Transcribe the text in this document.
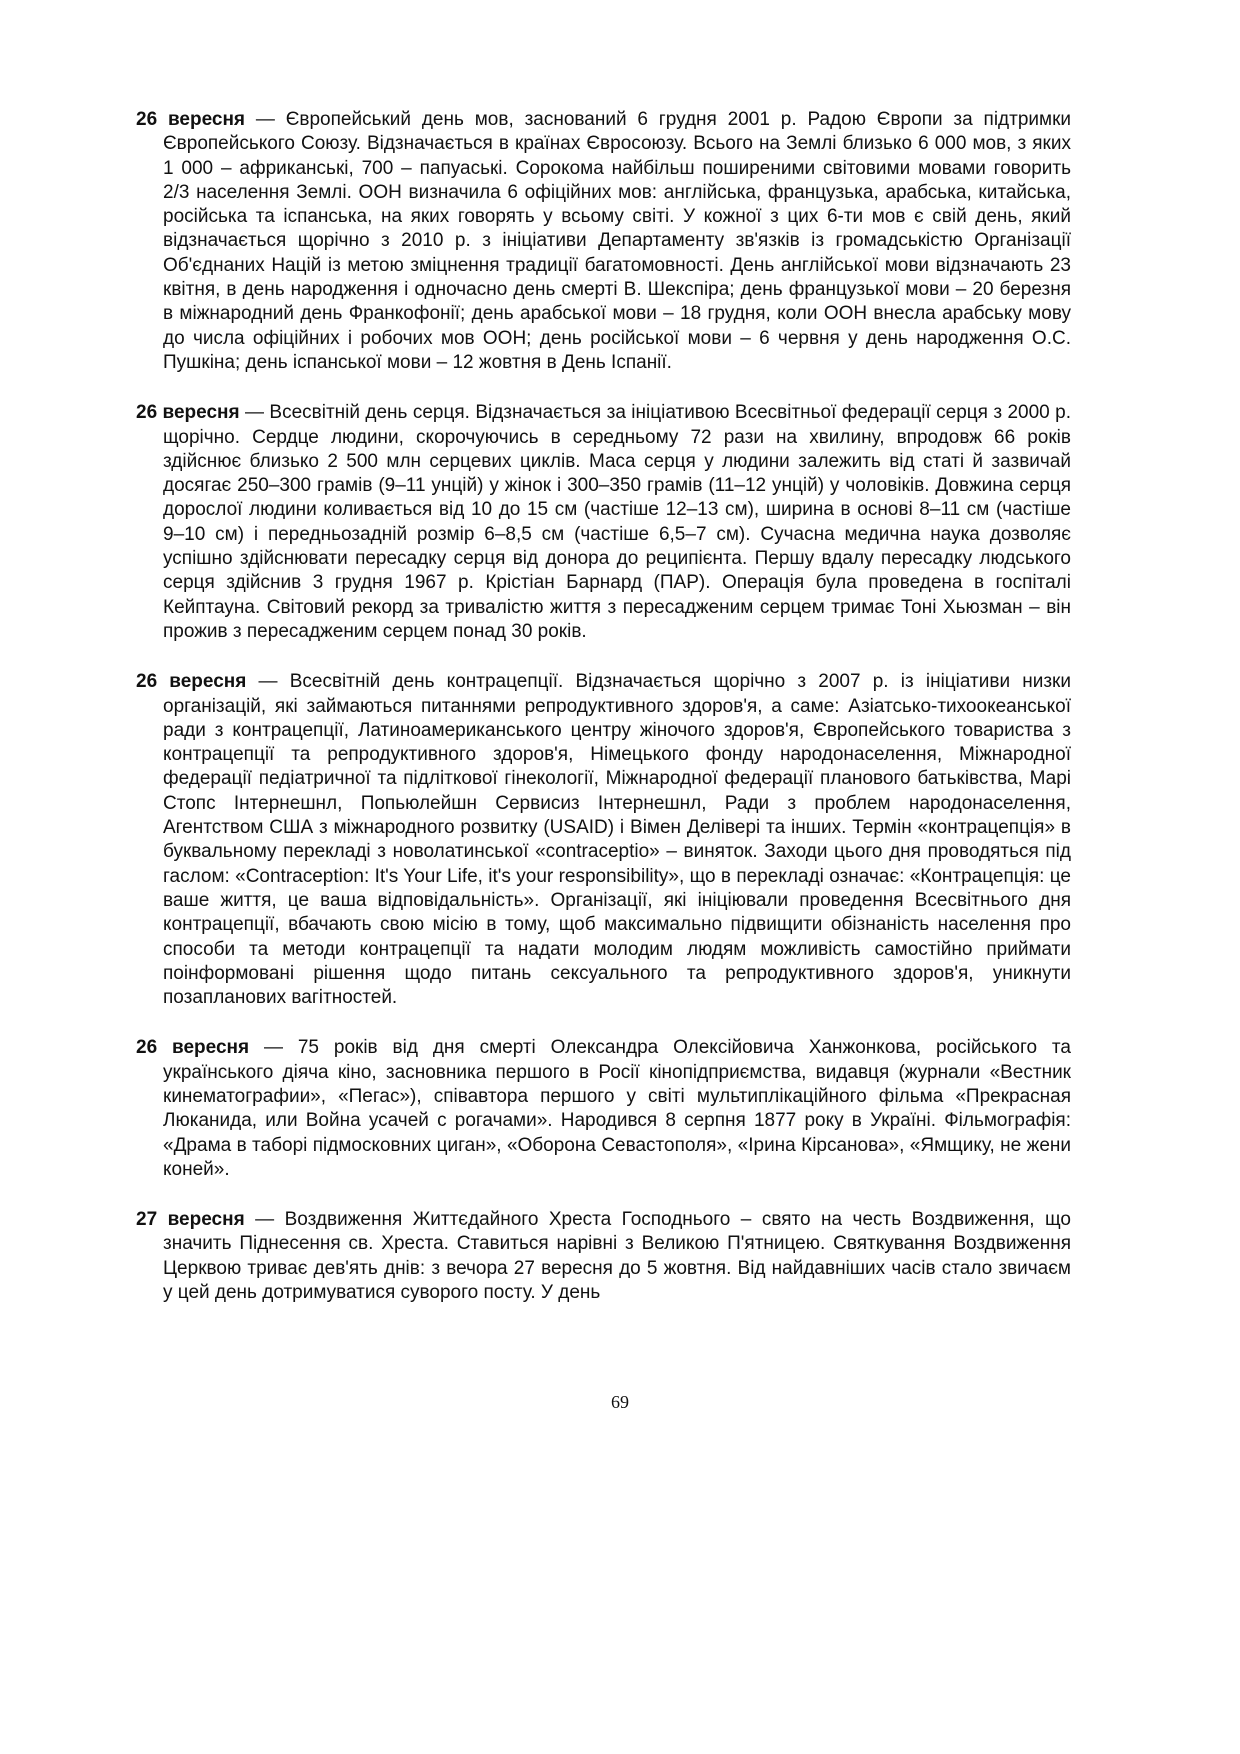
26 вересня — Європейський день мов, заснований 6 грудня 2001 р. Радою Європи за підтримки Європейського Союзу. Відзначається в країнах Євросоюзу. Всього на Землі близько 6 000 мов, з яких 1 000 – африканські, 700 – папуаські. Сорокома найбільш поширеними світовими мовами говорить 2/3 населення Землі. ООН визначила 6 офіційних мов: англійська, французька, арабська, китайська, російська та іспанська, на яких говорять у всьому світі. У кожної з цих 6-ти мов є свій день, який відзначається щорічно з 2010 р. з ініціативи Департаменту зв'язків із громадськістю Організації Об'єднаних Націй із метою зміцнення традиції багатомовності. День англійської мови відзначають 23 квітня, в день народження і одночасно день смерті В. Шекспіра; день французької мови – 20 березня в міжнародний день Франкофонії; день арабської мови – 18 грудня, коли ООН внесла арабську мову до числа офіційних і робочих мов ООН; день російської мови – 6 червня у день народження О.С. Пушкіна; день іспанської мови – 12 жовтня в День Іспанії.

26 вересня — Всесвітній день серця. Відзначається за ініціативою Всесвітньої федерації серця з 2000 р. щорічно. Сердце людини, скорочуючись в середньому 72 рази на хвилину, впродовж 66 років здійснює близько 2 500 млн серцевих циклів. Маса серця у людини залежить від статі й зазвичай досягає 250–300 грамів (9–11 унцій) у жінок і 300–350 грамів (11–12 унцій) у чоловіків. Довжина серця дорослої людини коливається від 10 до 15 см (частіше 12–13 см), ширина в основі 8–11 см (частіше 9–10 см) і передньозадній розмір 6–8,5 см (частіше 6,5–7 см). Сучасна медична наука дозволяє успішно здійснювати пересадку серця від донора до реципієнта. Першу вдалу пересадку людського серця здійснив 3 грудня 1967 р. Крістіан Барнард (ПАР). Операція була проведена в госпіталі Кейптауна. Світовий рекорд за тривалістю життя з пересадженим серцем тримає Тоні Хьюзман – він прожив з пересадженим серцем понад 30 років.

26 вересня — Всесвітній день контрацепції. Відзначається щорічно з 2007 р. із ініціативи низки організацій, які займаються питаннями репродуктивного здоров'я, а саме: Азіатсько-тихоокеанської ради з контрацепції, Латиноамериканського центру жіночого здоров'я, Європейського товариства з контрацепції та репродуктивного здоров'я, Німецького фонду народонаселення, Міжнародної федерації педіатричної та підліткової гінекології, Міжнародної федерації планового батьківства, Марі Стопс Інтернешнл, Попьюлейшн Сервисиз Інтернешнл, Ради з проблем народонаселення, Агентством США з міжнародного розвитку (USAID) і Вімен Делівері та інших. Термін «контрацепція» в буквальному перекладі з новолатинської «contraceptio» – виняток. Заходи цього дня проводяться під гаслом: «Contraception: It's Your Life, it's your responsibility», що в перекладі означає: «Контрацепція: це ваше життя, це ваша відповідальність». Організації, які ініціювали проведення Всесвітнього дня контрацепції, вбачають свою місію в тому, щоб максимально підвищити обізнаність населення про способи та методи контрацепції та надати молодим людям можливість самостійно приймати поінформовані рішення щодо питань сексуального та репродуктивного здоров'я, уникнути позапланових вагітностей.

26 вересня — 75 років від дня смерті Олександра Олексійовича Ханжонкова, російського та українського діяча кіно, засновника першого в Росії кінопідприємства, видавця (журнали «Вестник кинематографии», «Пегас»), співавтора першого у світі мультиплікаційного фільма «Прекрасная Люканида, или Война усачей с рогачами». Народився 8 серпня 1877 року в Україні. Фільмографія: «Драма в таборі підмосковних циган», «Оборона Севастополя», «Ірина Кірсанова», «Ямщику, не жени коней».

27 вересня — Воздвиження Життєдайного Хреста Господнього – свято на честь Воздвиження, що значить Піднесення св. Хреста. Ставиться нарівні з Великою П'ятницею. Святкування Воздвиження Церквою триває дев'ять днів: з вечора 27 вересня до 5 жовтня. Від найдавніших часів стало звичаєм у цей день дотримуватися суворого посту. У день

69
